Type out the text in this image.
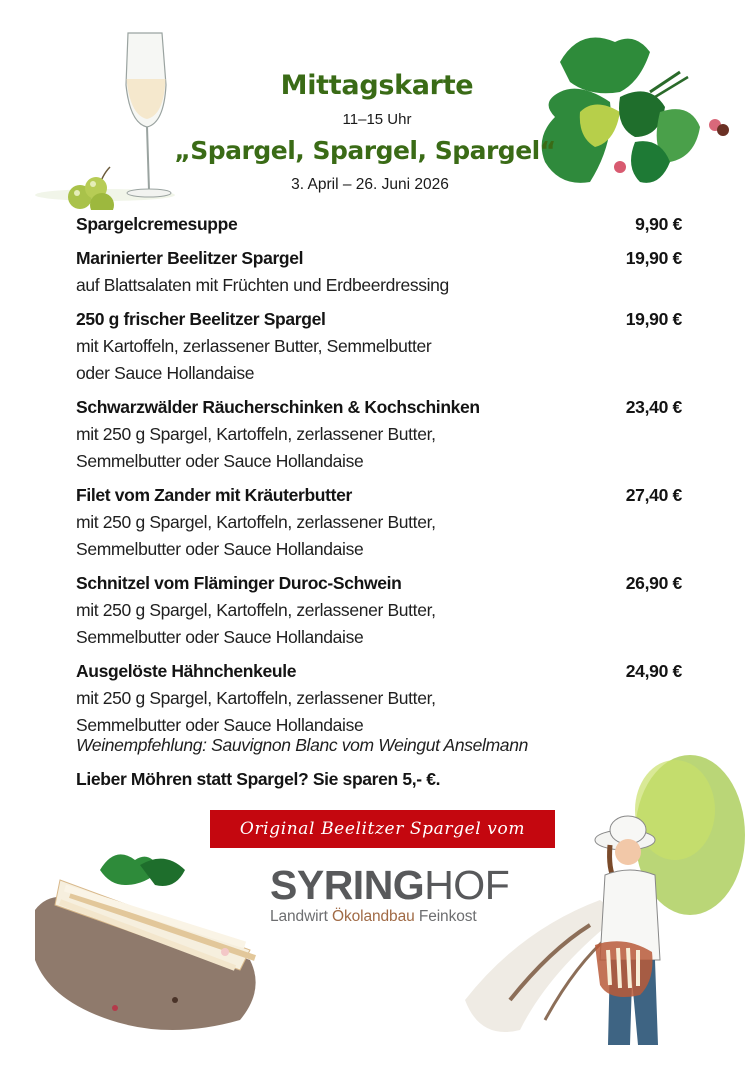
Mittagskarte
11–15 Uhr
„Spargel, Spargel, Spargel“
3. April – 26. Juni 2026
Spargelcremesuppe	9,90 €
Marinierter Beelitzer Spargel	19,90 €
auf Blattsalaten mit Früchten und Erdbeerdressing
250 g frischer Beelitzer Spargel	19,90 €
mit Kartoffeln, zerlassener Butter, Semmelbutter
oder Sauce Hollandaise
Schwarzwälder Räucherschinken & Kochschinken	23,40 €
mit 250 g Spargel, Kartoffeln, zerlassener Butter,
Semmelbutter oder Sauce Hollandaise
Filet vom Zander mit Kräuterbutter	27,40 €
mit 250 g Spargel, Kartoffeln, zerlassener Butter,
Semmelbutter oder Sauce Hollandaise
Schnitzel vom Fläminger Duroc-Schwein	26,90 €
mit 250 g Spargel, Kartoffeln, zerlassener Butter,
Semmelbutter oder Sauce Hollandaise
Ausgelöste Hähnchenkeule	24,90 €
mit 250 g Spargel, Kartoffeln, zerlassener Butter,
Semmelbutter oder Sauce Hollandaise
Weinempfehlung: Sauvignon Blanc vom Weingut Anselmann
Lieber Möhren statt Spargel? Sie sparen 5,- €.
Original Beelitzer Spargel vom
SYRINGHOF
Landwirt Ökolandbau Feinkost
